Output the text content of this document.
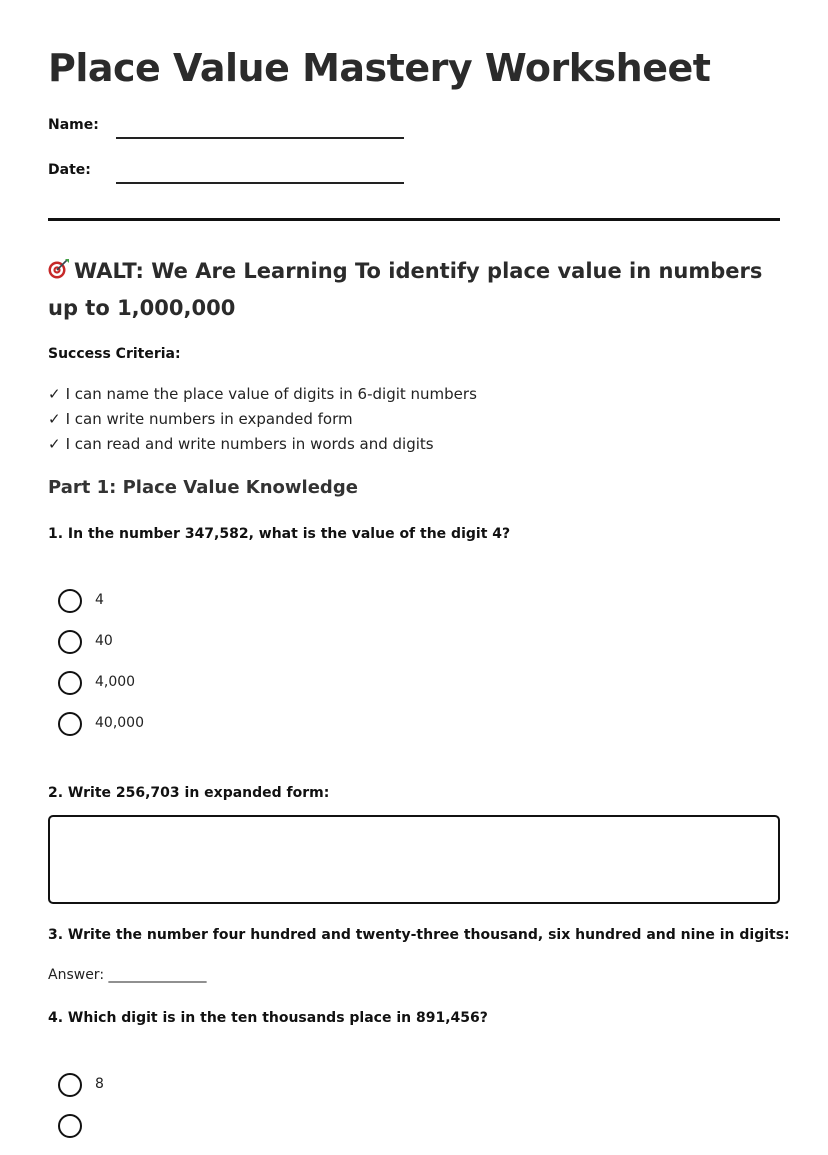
Place Value Mastery Worksheet
Name:
Date:
WALT: We Are Learning To identify place value in numbers up to 1,000,000
Success Criteria:
✓ I can name the place value of digits in 6-digit numbers
✓ I can write numbers in expanded form
✓ I can read and write numbers in words and digits
Part 1: Place Value Knowledge
1. In the number 347,582, what is the value of the digit 4?
4
40
4,000
40,000
2. Write 256,703 in expanded form:
3. Write the number four hundred and twenty-three thousand, six hundred and nine in digits:
Answer: ______________
4. Which digit is in the ten thousands place in 891,456?
8
